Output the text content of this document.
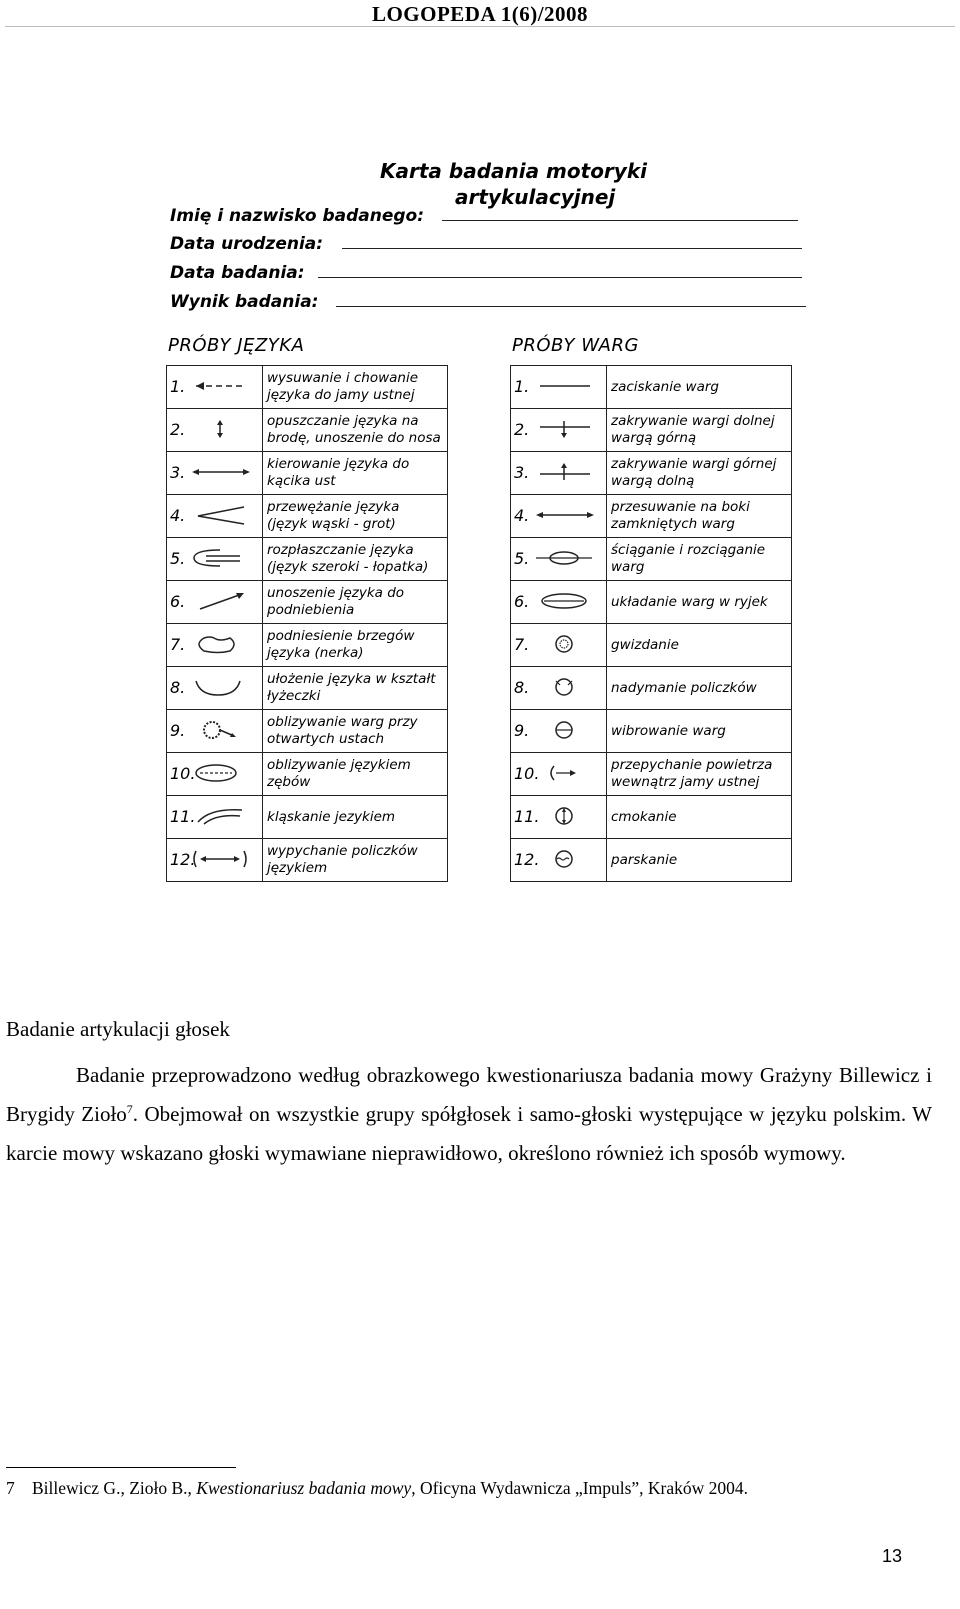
LOGOPEDA 1(6)/2008
Karta badania motoryki
artykulacyjnej
Imię i nazwisko badanego:
Data urodzenia:
Data badania:
Wynik badania:
PRÓBY JĘZYKA	PRÓBY WARG
1.	wysuwanie i chowanie języka do jamy ustnej
2.	opuszczanie języka na brodę, unoszenie do nosa
3.	kierowanie języka do kącika ust
4.	przewężanie języka (język wąski - grot)
5.	rozpłaszczanie języka (język szeroki - łopatka)
6.	unoszenie języka do podniebienia
7.	podniesienie brzegów języka (nerka)
8.	ułożenie języka w kształt łyżeczki
9.	oblizywanie warg przy otwartych ustach
10.	oblizywanie językiem zębów
11.	kląskanie jezykiem
12.	wypychanie policzków językiem
1.	zaciskanie warg
2.	zakrywanie wargi dolnej wargą górną
3.	zakrywanie wargi górnej wargą dolną
4.	przesuwanie na boki zamkniętych warg
5.	ściąganie i rozciąganie warg
6.	układanie warg w ryjek
7.	gwizdanie
8.	nadymanie policzków
9.	wibrowanie warg
10.	przepychanie powietrza wewnątrz jamy ustnej
11.	cmokanie
12.	parskanie
Badanie artykulacji głosek
Badanie przeprowadzono według obrazkowego kwestionariusza badania mowy Grażyny Billewicz i Brygidy Zioło$^7$. Obejmował on wszystkie grupy spółgłosek i samo-głoski występujące w języku polskim. W karcie mowy wskazano głoski wymawiane nieprawidłowo, określono również ich sposób wymowy.
7 Billewicz G., Zioło B., Kwestionariusz badania mowy, Oficyna Wydawnicza „Impuls”, Kraków 2004.
13
